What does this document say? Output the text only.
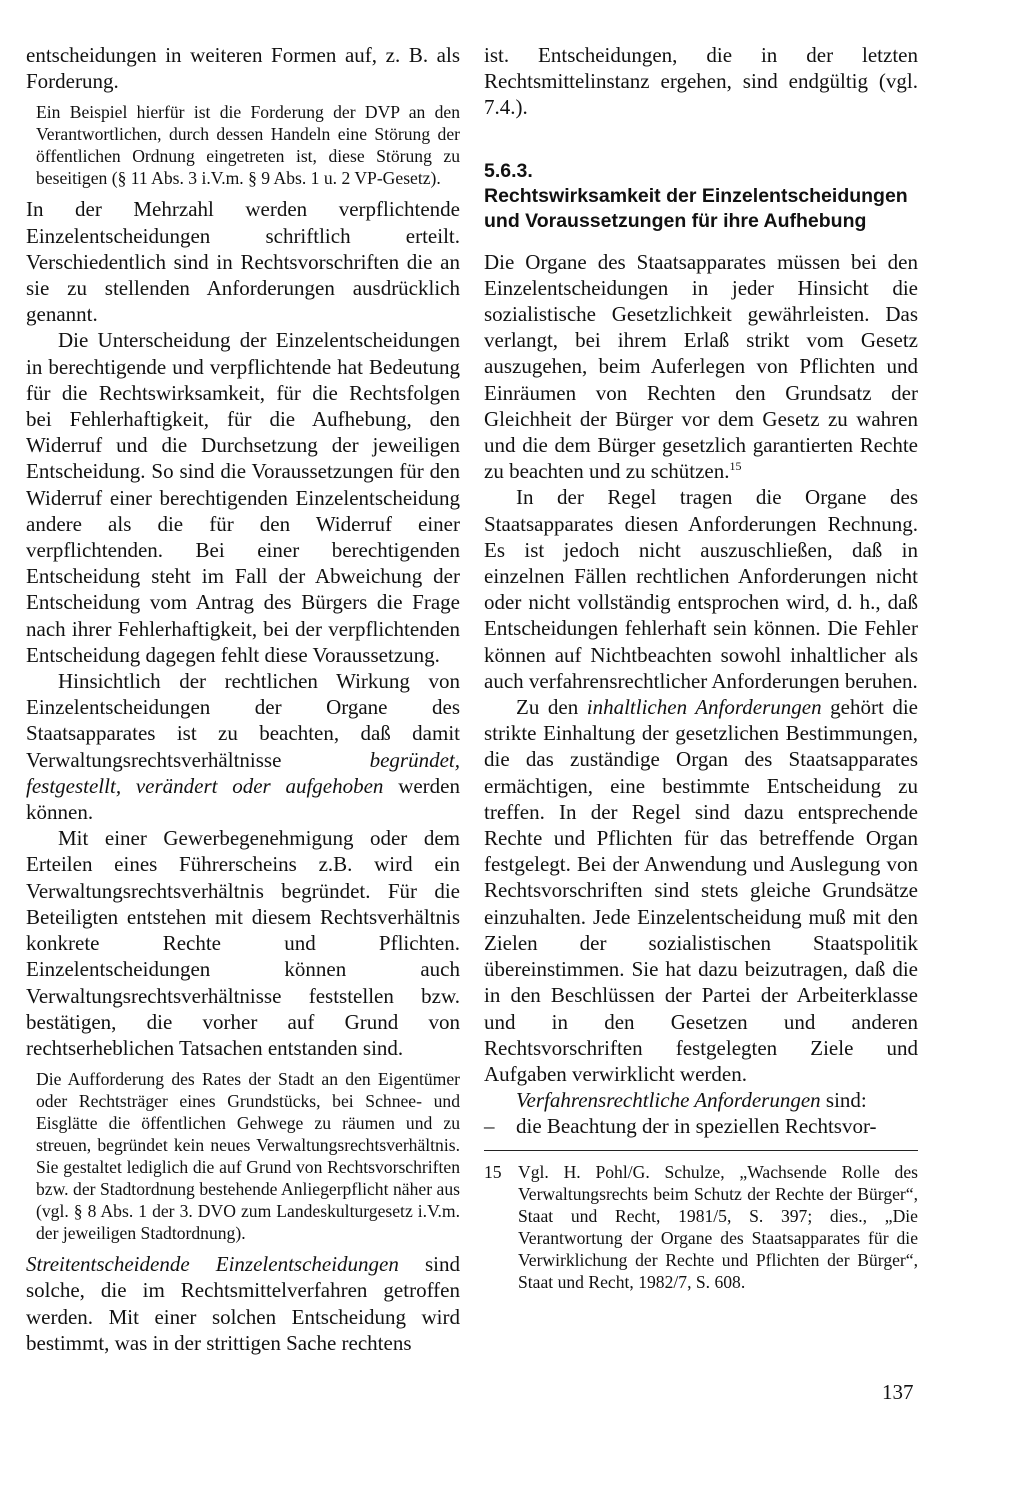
entscheidungen in weiteren Formen auf, z. B. als Forderung.

Ein Beispiel hierfür ist die Forderung der DVP an den Verantwortlichen, durch dessen Handeln eine Störung der öffentlichen Ordnung eingetreten ist, diese Störung zu beseitigen (§ 11 Abs. 3 i.V.m. § 9 Abs. 1 u. 2 VP-Gesetz).

In der Mehrzahl werden verpflichtende Einzelentscheidungen schriftlich erteilt. Verschiedentlich sind in Rechtsvorschriften die an sie zu stellenden Anforderungen ausdrücklich genannt.

Die Unterscheidung der Einzelentscheidungen in berechtigende und verpflichtende hat Bedeutung für die Rechtswirksamkeit, für die Rechtsfolgen bei Fehlerhaftigkeit, für die Aufhebung, den Widerruf und die Durchsetzung der jeweiligen Entscheidung. So sind die Voraussetzungen für den Widerruf einer berechtigenden Einzelentscheidung andere als die für den Widerruf einer verpflichtenden. Bei einer berechtigenden Entscheidung steht im Fall der Abweichung der Entscheidung vom Antrag des Bürgers die Frage nach ihrer Fehlerhaftigkeit, bei der verpflichtenden Entscheidung dagegen fehlt diese Voraussetzung.

Hinsichtlich der rechtlichen Wirkung von Einzelentscheidungen der Organe des Staatsapparates ist zu beachten, daß damit Verwaltungsrechtsverhältnisse begründet, festgestellt, verändert oder aufgehoben werden können.

Mit einer Gewerbegenehmigung oder dem Erteilen eines Führerscheins z.B. wird ein Verwaltungsrechtsverhältnis begründet. Für die Beteiligten entstehen mit diesem Rechtsverhältnis konkrete Rechte und Pflichten. Einzelentscheidungen können auch Verwaltungsrechtsverhältnisse feststellen bzw. bestätigen, die vorher auf Grund von rechtserheblichen Tatsachen entstanden sind.

Die Aufforderung des Rates der Stadt an den Eigentümer oder Rechtsträger eines Grundstücks, bei Schnee- und Eisglätte die öffentlichen Gehwege zu räumen und zu streuen, begründet kein neues Verwaltungsrechtsverhältnis. Sie gestaltet lediglich die auf Grund von Rechtsvorschriften bzw. der Stadtordnung bestehende Anliegerpflicht näher aus (vgl. § 8 Abs. 1 der 3. DVO zum Landeskulturgesetz i.V.m. der jeweiligen Stadtordnung).

Streitentscheidende Einzelentscheidungen sind solche, die im Rechtsmittelverfahren getroffen werden. Mit einer solchen Entscheidung wird bestimmt, was in der strittigen Sache rechtens

ist. Entscheidungen, die in der letzten Rechtsmittelinstanz ergehen, sind endgültig (vgl. 7.4.).

5.6.3.

Rechtswirksamkeit der Einzelentscheidungen und Voraussetzungen für ihre Aufhebung

Die Organe des Staatsapparates müssen bei den Einzelentscheidungen in jeder Hinsicht die sozialistische Gesetzlichkeit gewährleisten. Das verlangt, bei ihrem Erlaß strikt vom Gesetz auszugehen, beim Auferlegen von Pflichten und Einräumen von Rechten den Grundsatz der Gleichheit der Bürger vor dem Gesetz zu wahren und die dem Bürger gesetzlich garantierten Rechte zu beachten und zu schützen.$^{15}$

In der Regel tragen die Organe des Staatsapparates diesen Anforderungen Rechnung. Es ist jedoch nicht auszuschließen, daß in einzelnen Fällen rechtlichen Anforderungen nicht oder nicht vollständig entsprochen wird, d. h., daß Entscheidungen fehlerhaft sein können. Die Fehler können auf Nichtbeachten sowohl inhaltlicher als auch verfahrensrechtlicher Anforderungen beruhen.

Zu den inhaltlichen Anforderungen gehört die strikte Einhaltung der gesetzlichen Bestimmungen, die das zuständige Organ des Staatsapparates ermächtigen, eine bestimmte Entscheidung zu treffen. In der Regel sind dazu entsprechende Rechte und Pflichten für das betreffende Organ festgelegt. Bei der Anwendung und Auslegung von Rechtsvorschriften sind stets gleiche Grundsätze einzuhalten. Jede Einzelentscheidung muß mit den Zielen der sozialistischen Staatspolitik übereinstimmen. Sie hat dazu beizutragen, daß die in den Beschlüssen der Partei der Arbeiterklasse und in den Gesetzen und anderen Rechtsvorschriften festgelegten Ziele und Aufgaben verwirklicht werden.

Verfahrensrechtliche Anforderungen sind:

–	die Beachtung der in speziellen Rechtsvor-
15 Vgl. H. Pohl/G. Schulze, „Wachsende Rolle des Verwaltungsrechts beim Schutz der Rechte der Bürger“, Staat und Recht, 1981/5, S. 397; dies., „Die Verantwortung der Organe des Staatsapparates für die Verwirklichung der Rechte und Pflichten der Bürger“, Staat und Recht, 1982/7, S. 608.
137
